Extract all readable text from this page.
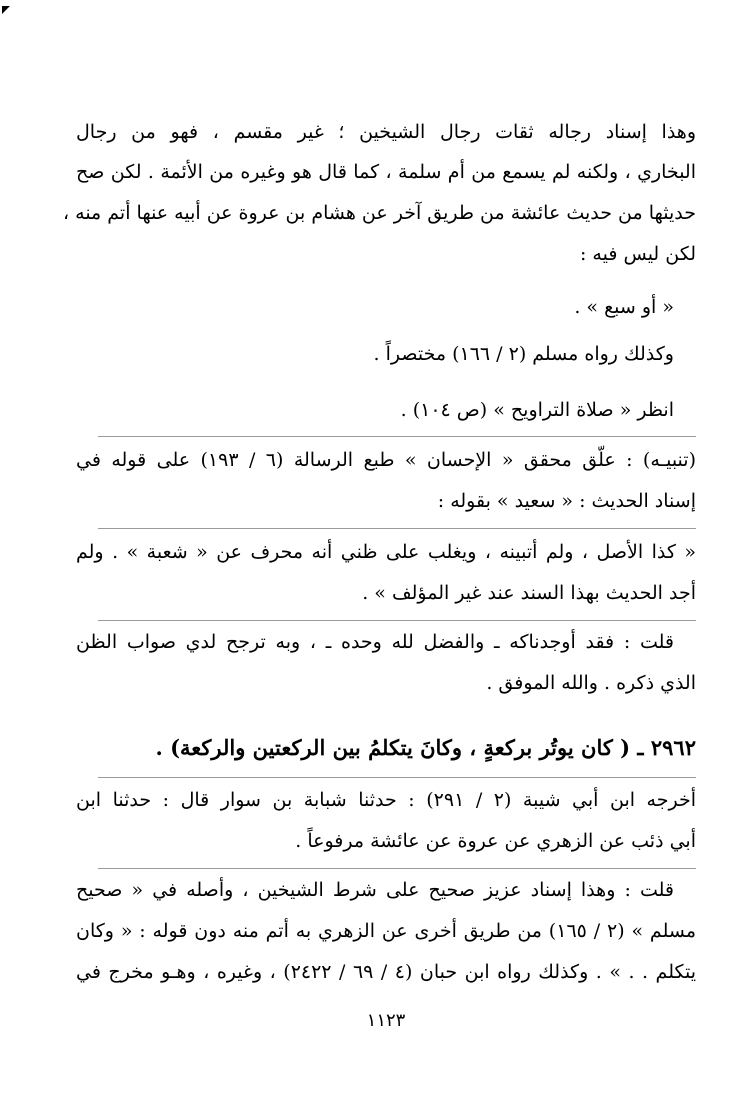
وهذا إسناد رجاله ثقات رجال الشيخين ؛ غير مقسم ، فهو من رجال
البخاري ، ولكنه لم يسمع من أم سلمة ، كما قال هو وغيره من الأئمة . لكن صح
حديثها من حديث عائشة من طريق آخر عن هشام بن عروة عن أبيه عنها أتم منه ،
لكن ليس فيه :
« أو سبع » .
وكذلك رواه مسلم (٢ / ١٦٦) مختصراً .
انظر « صلاة التراويح » (ص ١٠٤) .
(تنبيـه) : علّق محقق « الإحسان » طبع الرسالة (٦ / ١٩٣) على قوله في
إسناد الحديث : « سعيد » بقوله :
« كذا الأصل ، ولم أتبينه ، ويغلب على ظني أنه محرف عن « شعبة » . ولم
أجد الحديث بهذا السند عند غير المؤلف » .
قلت : فقد أوجدناكه ـ والفضل لله وحده ـ ، وبه ترجح لدي صواب الظن
الذي ذكره . والله الموفق .
٢٩٦٢ ـ ( كان يوتُر بركعةٍ ، وكانَ يتكلمُ بين الركعتين والركعة) .
أخرجه ابن أبي شيبة (٢ / ٢٩١) : حدثنا شبابة بن سوار قال : حدثنا ابن
أبي ذئب عن الزهري عن عروة عن عائشة مرفوعاً .
قلت : وهذا إسناد عزيز صحيح على شرط الشيخين ، وأصله في « صحيح
مسلم » (٢ / ١٦٥) من طريق أخرى عن الزهري به أتم منه دون قوله : « وكان
يتكلم . . » . وكذلك رواه ابن حبان (٤ / ٦٩ / ٢٤٢٢) ، وغيره ، وهـو مخرج في
١١٢٣
